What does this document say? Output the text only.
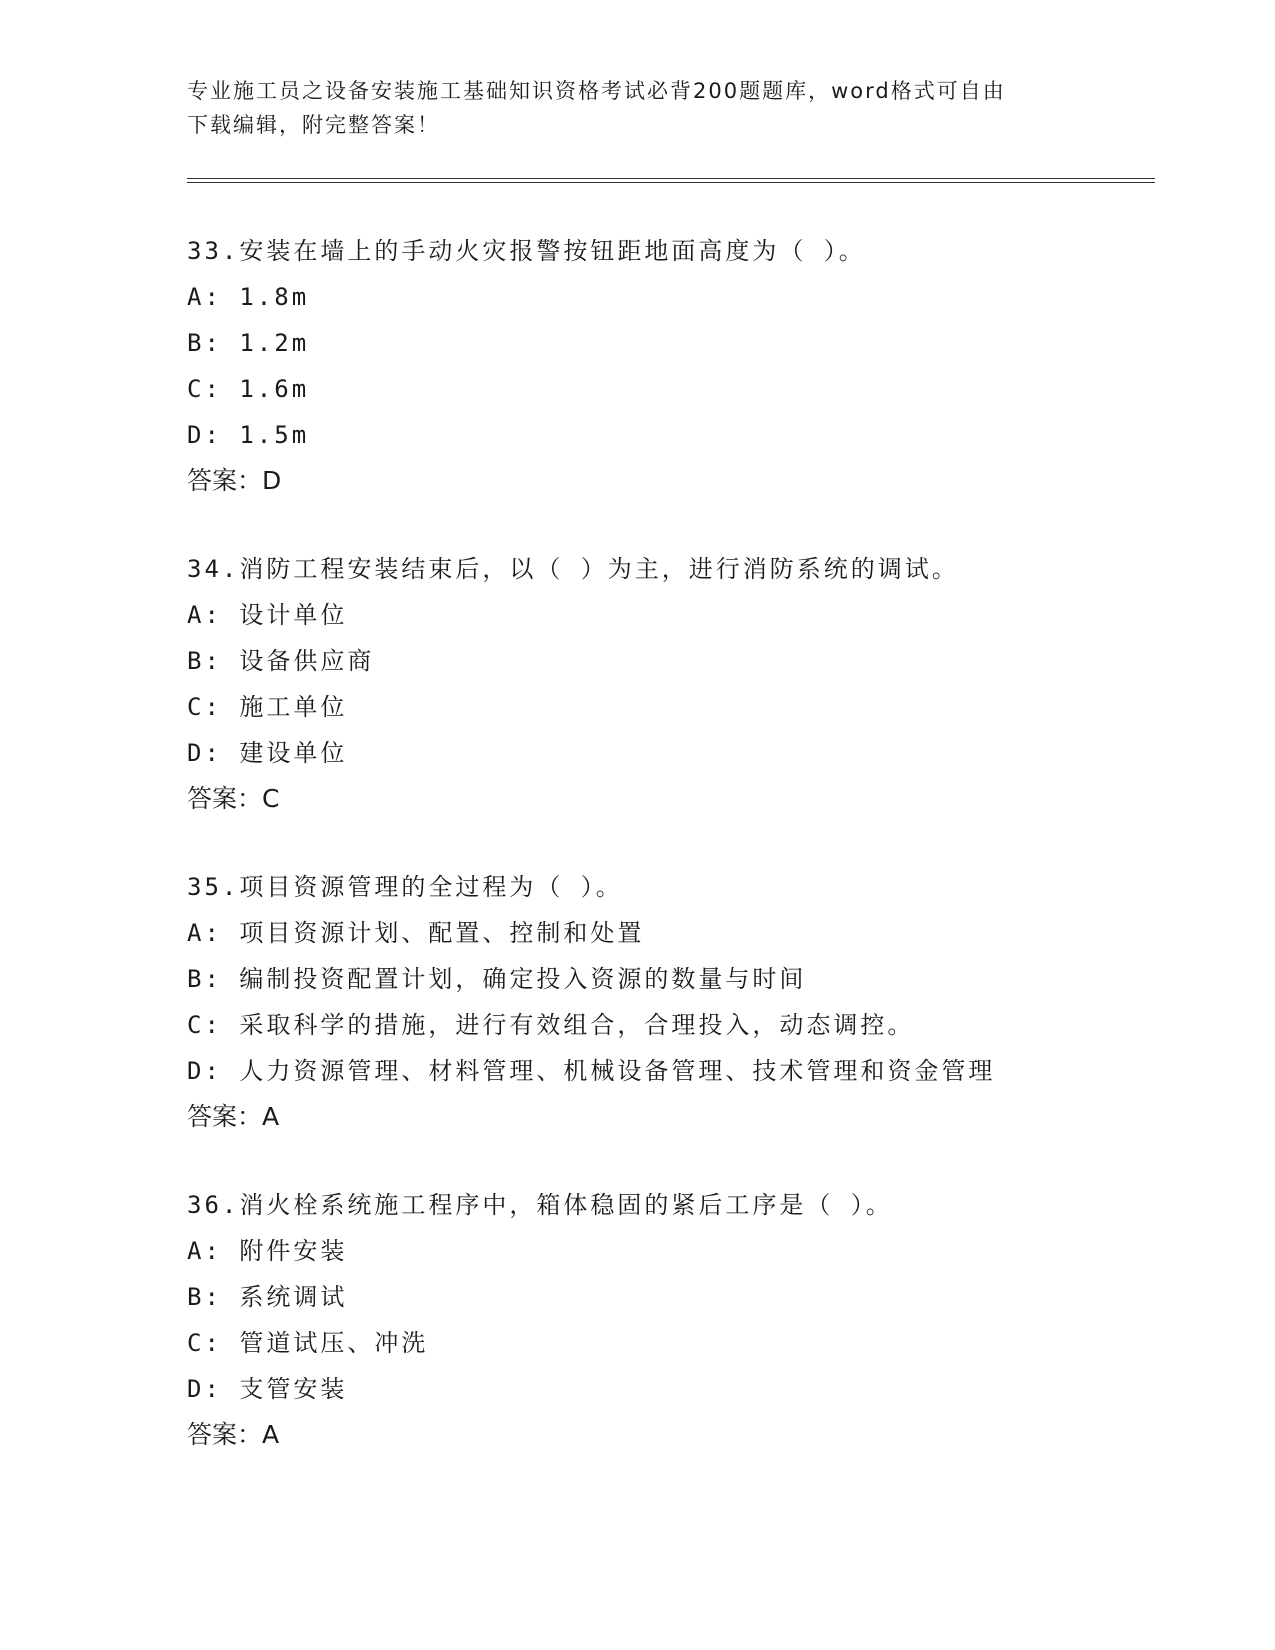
专业施工员之设备安装施工基础知识资格考试必背200题题库，word格式可自由
下载编辑，附完整答案！
33.安装在墙上的手动火灾报警按钮距地面高度为（ ）。
A: 1.8m
B: 1.2m
C: 1.6m
D: 1.5m
答案：D
34.消防工程安装结束后，以（ ）为主，进行消防系统的调试。
A: 设计单位
B: 设备供应商
C: 施工单位
D: 建设单位
答案：C
35.项目资源管理的全过程为（ ）。
A: 项目资源计划、配置、控制和处置
B: 编制投资配置计划，确定投入资源的数量与时间
C: 采取科学的措施，进行有效组合，合理投入，动态调控。
D: 人力资源管理、材料管理、机械设备管理、技术管理和资金管理
答案：A
36.消火栓系统施工程序中，箱体稳固的紧后工序是（ ）。
A: 附件安装
B: 系统调试
C: 管道试压、冲洗
D: 支管安装
答案：A
